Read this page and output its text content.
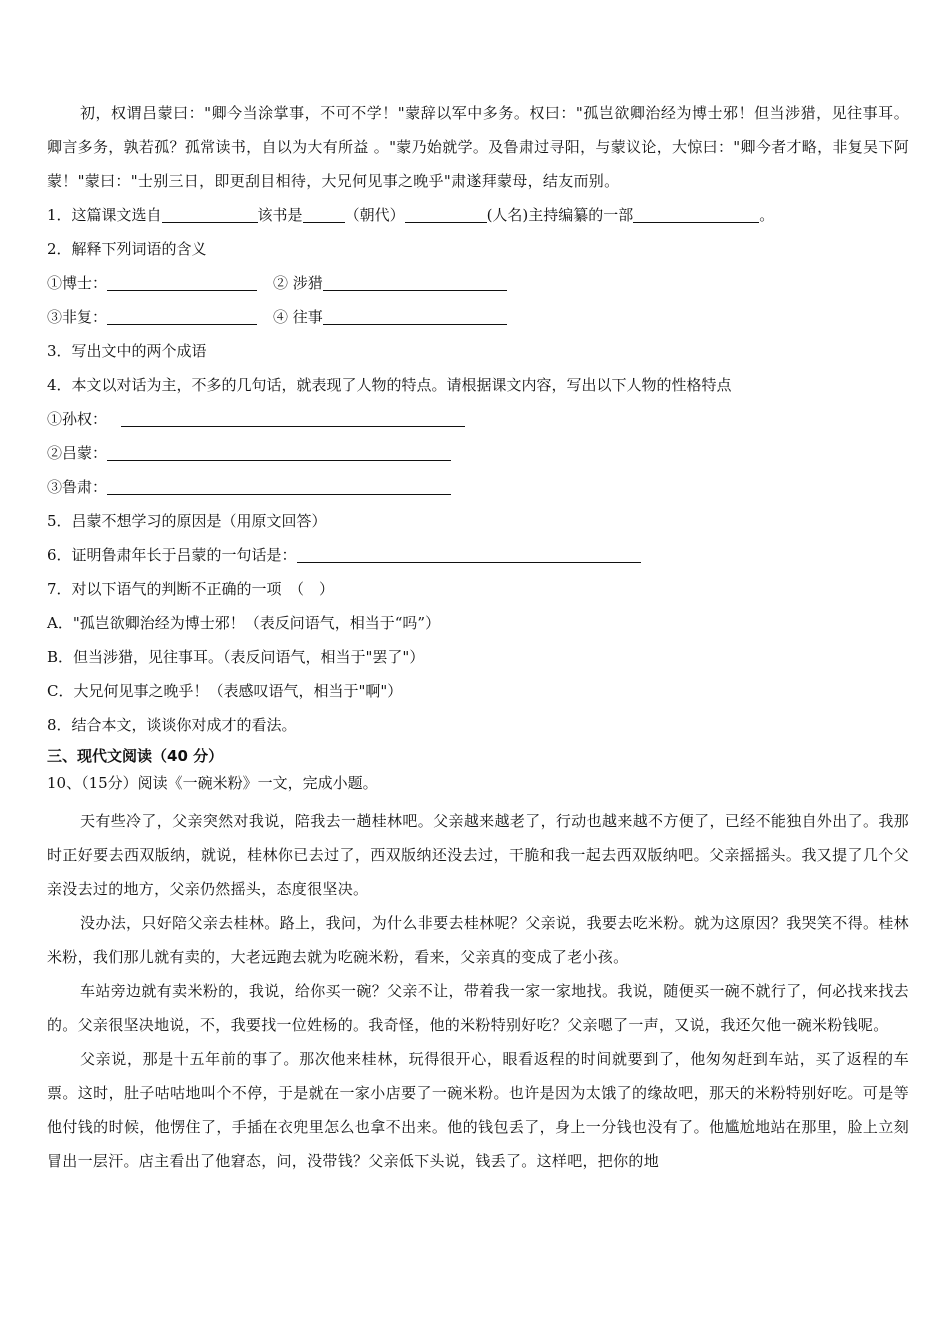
初，权谓吕蒙曰："卿今当涂掌事，不可不学！"蒙辞以军中多务。权曰："孤岂欲卿治经为博士邪！但当涉猎，见往事耳。卿言多务，孰若孤？孤常读书，自以为大有所益 。"蒙乃始就学。及鲁肃过寻阳，与蒙议论，大惊曰："卿今者才略，非复吴下阿蒙！"蒙曰："士别三日，即更刮目相待，大兄何见事之晚乎"肃遂拜蒙母，结友而别。

1．这篇课文选自	该书是	（朝代）	(人名)主持编纂的一部	。

2．解释下列词语的含义

①博士：	② 涉猎

③非复：	④ 往事

3．写出文中的两个成语

4．本文以对话为主，不多的几句话，就表现了人物的特点。请根据课文内容，写出以下人物的性格特点

①孙权：

②吕蒙：

③鲁肃：

5．吕蒙不想学习的原因是（用原文回答）

6．证明鲁肃年长于吕蒙的一句话是：

7．对以下语气的判断不正确的一项　（　）

A．"孤岂欲卿治经为博士邪！（表反问语气，相当于“吗”）

B．但当涉猎，见往事耳。（表反问语气，相当于"罢了"）

C．大兄何见事之晚乎！（表感叹语气，相当于"啊"）

8．结合本文，谈谈你对成才的看法。

三、现代文阅读（40 分）

10、（15分）阅读《一碗米粉》一文，完成小题。

天有些冷了，父亲突然对我说，陪我去一趟桂林吧。父亲越来越老了，行动也越来越不方便了，已经不能独自外出了。我那时正好要去西双版纳，就说，桂林你已去过了，西双版纳还没去过，干脆和我一起去西双版纳吧。父亲摇摇头。我又提了几个父亲没去过的地方，父亲仍然摇头，态度很坚决。

没办法，只好陪父亲去桂林。路上，我问，为什么非要去桂林呢？父亲说，我要去吃米粉。就为这原因？我哭笑不得。桂林米粉，我们那儿就有卖的，大老远跑去就为吃碗米粉，看来，父亲真的变成了老小孩。

车站旁边就有卖米粉的，我说，给你买一碗？父亲不让，带着我一家一家地找。我说，随便买一碗不就行了，何必找来找去的。父亲很坚决地说，不，我要找一位姓杨的。我奇怪，他的米粉特别好吃？父亲嗯了一声，又说，我还欠他一碗米粉钱呢。

父亲说，那是十五年前的事了。那次他来桂林，玩得很开心，眼看返程的时间就要到了，他匆匆赶到车站，买了返程的车票。这时，肚子咕咕地叫个不停，于是就在一家小店要了一碗米粉。也许是因为太饿了的缘故吧，那天的米粉特别好吃。可是等他付钱的时候，他愣住了，手插在衣兜里怎么也拿不出来。他的钱包丢了，身上一分钱也没有了。他尴尬地站在那里，脸上立刻冒出一层汗。店主看出了他窘态，问，没带钱？父亲低下头说，钱丢了。这样吧，把你的地
